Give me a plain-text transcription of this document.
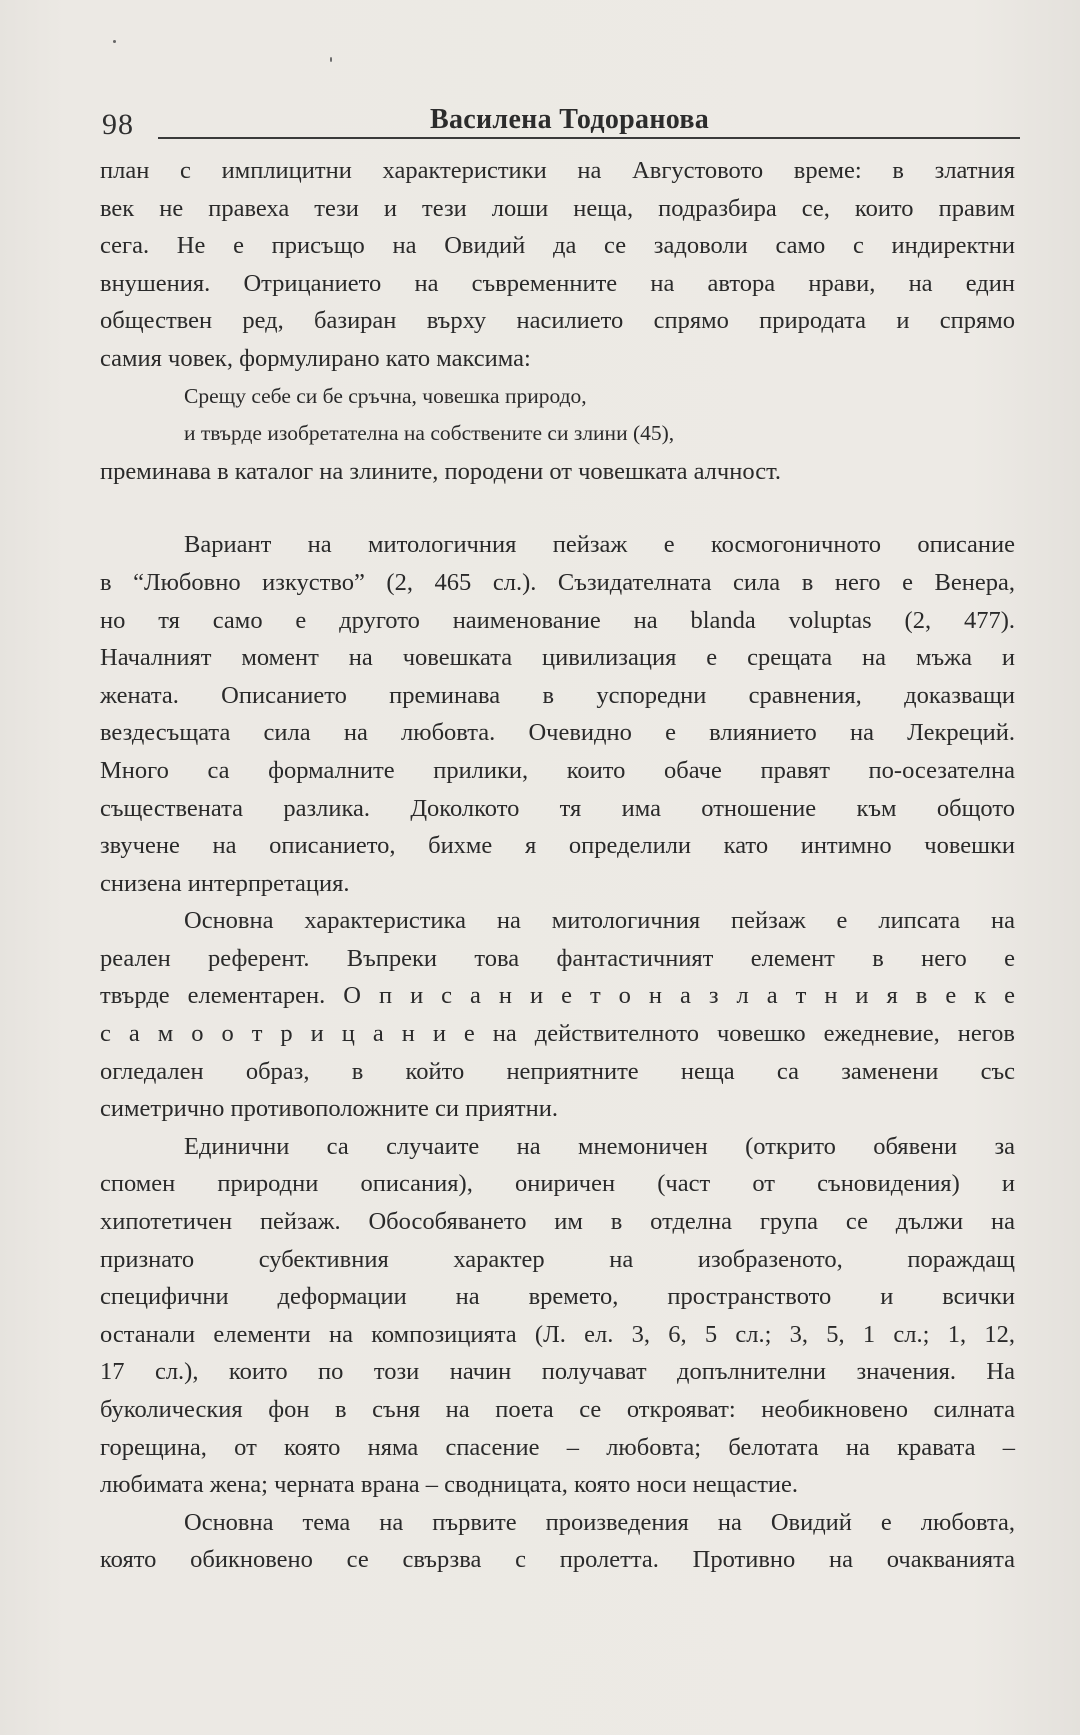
98	Василена Тодоранова
план с имплицитни характеристики на Августовото време: в златния
век не правеха тези и тези лоши неща, подразбира се, които правим
сега. Не е присъщо на Овидий да се задоволи само с индиректни
внушения. Отрицанието на съвременните на автора нрави, на един
обществен ред, базиран върху насилието спрямо природата и спрямо
самия човек, формулирано като максима:
Срещу себе си бе сръчна, човешка природо,
и твърде изобретателна на собствените си злини (45),
преминава в каталог на злините, породени от човешката алчност.
Вариант на митологичния пейзаж е космогоничното описание
в “Любовно изкуство” (2, 465 сл.). Съзидателната сила в него е Венера,
но тя само е другото наименование на blanda voluptas (2, 477).
Началният момент на човешката цивилизация е срещата на мъжа и
жената. Описанието преминава в успоредни сравнения, доказващи
вездесъщата сила на любовта. Очевидно е влиянието на Лекреций.
Много са формалните прилики, които обаче правят по-осезателна
съществената разлика. Доколкото тя има отношение към общото
звучене на описанието, бихме я определили като интимно човешки
снизена интерпретация.
Основна характеристика на митологичния пейзаж е липсата на
реален референт. Въпреки това фантастичният елемент в него е
твърде елементарен. О п и с а н и е т о н а з л а т н и я в е к е
с а м о о т р и ц а н и е на действителното човешко ежедневие, негов
огледален образ, в който неприятните неща са заменени със
симетрично противоположните си приятни.
Единични са случаите на мнемоничен (открито обявени за
спомен природни описания), ониричен (част от съновидения) и
хипотетичен пейзаж. Обособяването им в отделна група се дължи на
признато субективния характер на изобразеното, пораждащ
специфични деформации на времето, пространството и всички
останали елементи на композицията (Л. ел. 3, 6, 5 сл.; 3, 5, 1 сл.; 1, 12,
17 сл.), които по този начин получават допълнителни значения. На
буколическия фон в съня на поета се открояват: необикновено силната
горещина, от която няма спасение – любовта; белотата на кравата –
любимата жена; черната врана – сводницата, която носи нещастие.
Основна тема на първите произведения на Овидий е любовта,
която обикновено се свързва с пролетта. Противно на очакванията
